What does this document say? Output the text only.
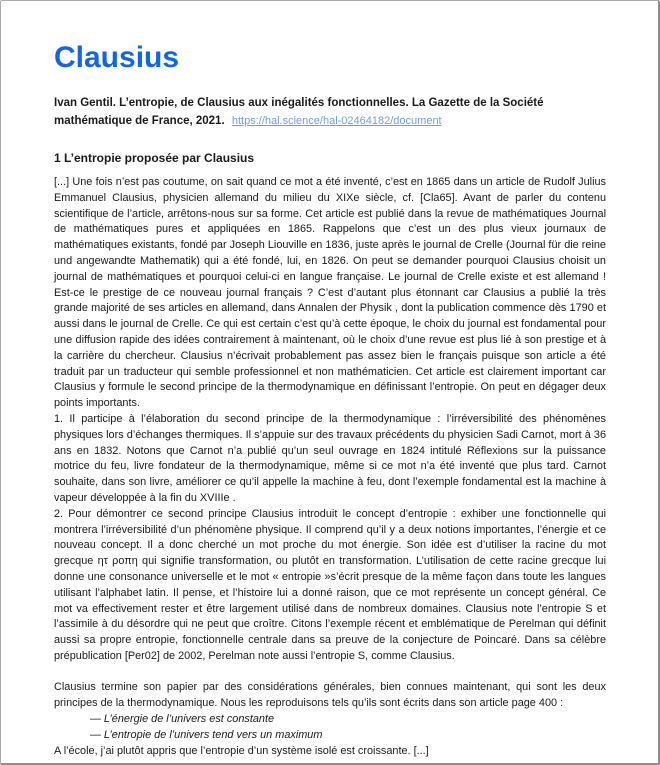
Clausius

Ivan Gentil. L’entropie, de Clausius aux inégalités fonctionnelles. La Gazette de la Société mathématique de France, 2021. https://hal.science/hal-02464182/document

1 L’entropie proposée par Clausius
[...] Une fois n’est pas coutume, on sait quand ce mot a été inventé, c’est en 1865 dans un article de Rudolf Julius Emmanuel Clausius, physicien allemand du milieu du XIXe siècle, cf. [Cla65]. Avant de parler du contenu scientifique de l’article, arrêtons-nous sur sa forme. Cet article est publié dans la revue de mathématiques Journal de mathématiques pures et appliquées en 1865. Rappelons que c’est un des plus vieux journaux de mathématiques existants, fondé par Joseph Liouville en 1836, juste après le journal de Crelle (Journal für die reine und angewandte Mathematik) qui a été fondé, lui, en 1826. On peut se demander pourquoi Clausius choisit un journal de mathématiques et pourquoi celui-ci en langue française. Le journal de Crelle existe et est allemand ! Est-ce le prestige de ce nouveau journal français ? C’est d’autant plus étonnant car Clausius a publié la très grande majorité de ses articles en allemand, dans Annalen der Physik , dont la publication commence dès 1790 et aussi dans le journal de Crelle. Ce qui est certain c’est qu’à cette époque, le choix du journal est fondamental pour une diffusion rapide des idées contrairement à maintenant, où le choix d’une revue est plus lié à son prestige et à la carrière du chercheur. Clausius n’écrivait probablement pas assez bien le français puisque son article a été traduit par un traducteur qui semble professionnel et non mathématicien. Cet article est clairement important car Clausius y formule le second principe de la thermodynamique en définissant l’entropie. On peut en dégager deux points importants.
1. Il participe à l’élaboration du second principe de la thermodynamique : l’irréversibilité des phénomènes physiques lors d’échanges thermiques. Il s’appuie sur des travaux précédents du physicien Sadi Carnot, mort à 36 ans en 1832. Notons que Carnot n’a publié qu’un seul ouvrage en 1824 intitulé Réflexions sur la puissance motrice du feu, livre fondateur de la thermodynamique, même si ce mot n’a été inventé que plus tard. Carnot souhaite, dans son livre, améliorer ce qu’il appelle la machine à feu, dont l’exemple fondamental est la machine à vapeur développée à la fin du XVIIIe .
2. Pour démontrer ce second principe Clausius introduit le concept d’entropie : exhiber une fonctionnelle qui montrera l’irréversibilité d’un phénomène physique. Il comprend qu’il y a deux notions importantes, l’énergie et ce nouveau concept. Il a donc cherché un mot proche du mot énergie. Son idée est d’utiliser la racine du mot grecque ητ ροπη qui signifie transformation, ou plutôt en transformation. L’utilisation de cette racine grecque lui donne une consonance universelle et le mot « entropie »s’écrit presque de la même façon dans toute les langues utilisant l’alphabet latin. Il pense, et l’histoire lui a donné raison, que ce mot représente un concept général. Ce mot va effectivement rester et être largement utilisé dans de nombreux domaines. Clausius note l’entropie S et l’assimile à du désordre qui ne peut que croître. Citons l’exemple récent et emblématique de Perelman qui définit aussi sa propre entropie, fonctionnelle centrale dans sa preuve de la conjecture de Poincaré. Dans sa célèbre prépublication [Per02] de 2002, Perelman note aussi l’entropie S, comme Clausius.
Clausius termine son papier par des considérations générales, bien connues maintenant, qui sont les deux principes de la thermodynamique. Nous les reproduisons tels qu’ils sont écrits dans son article page 400 :
— L’énergie de l’univers est constante
— L’entropie de l’univers tend vers un maximum
A l’école, j’ai plutôt appris que l’entropie d’un système isolé est croissante. [...]
